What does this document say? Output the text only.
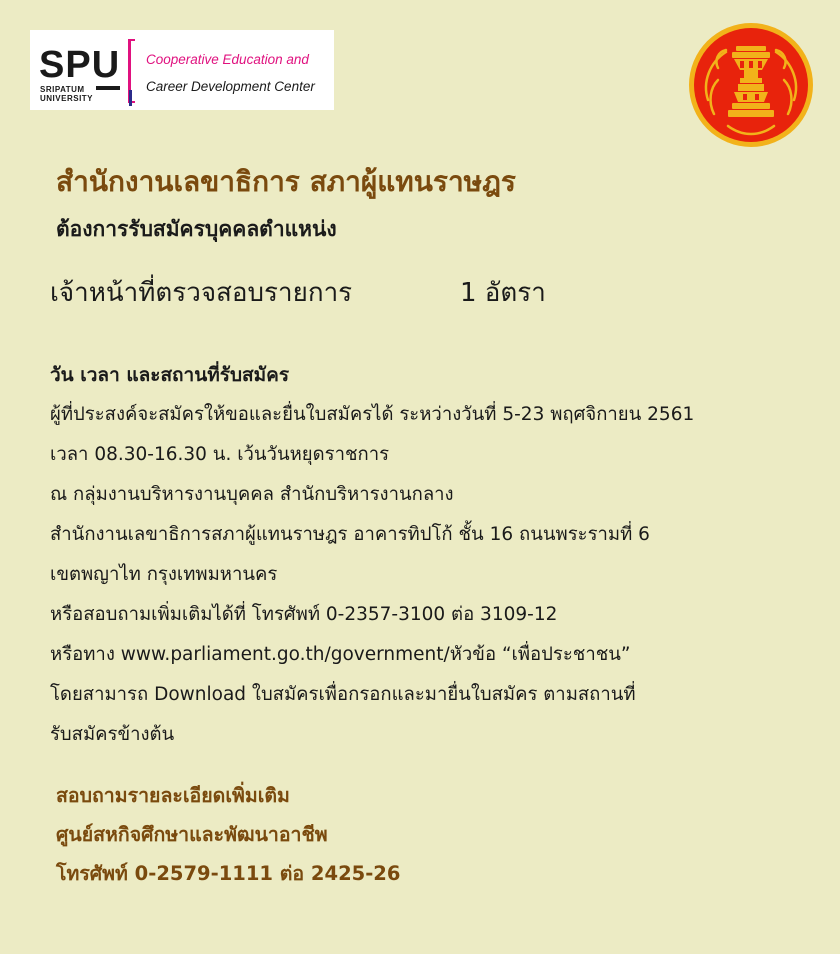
SPU
SRIPATUM
UNIVERSITY
Cooperative Education and
Career Development Center
สำนักงานเลขาธิการ สภาผู้แทนราษฎร
ต้องการรับสมัครบุคคลตำแหน่ง
เจ้าหน้าที่ตรวจสอบรายการ	1 อัตรา
วัน เวลา และสถานที่รับสมัคร
ผู้ที่ประสงค์จะสมัครให้ขอและยื่นใบสมัครได้ ระหว่างวันที่ 5-23 พฤศจิกายน 2561
เวลา 08.30-16.30 น. เว้นวันหยุดราชการ
ณ กลุ่มงานบริหารงานบุคคล สำนักบริหารงานกลาง
สำนักงานเลขาธิการสภาผู้แทนราษฎร อาคารทิปโก้ ชั้น 16 ถนนพระรามที่ 6
เขตพญาไท กรุงเทพมหานคร
หรือสอบถามเพิ่มเติมได้ที่ โทรศัพท์ 0-2357-3100 ต่อ 3109-12
หรือทาง www.parliament.go.th/government/หัวข้อ “เพื่อประชาชน”
โดยสามารถ Download ใบสมัครเพื่อกรอกและมายื่นใบสมัคร ตามสถานที่
รับสมัครข้างต้น
สอบถามรายละเอียดเพิ่มเติม
ศูนย์สหกิจศึกษาและพัฒนาอาชีพ
โทรศัพท์ 0-2579-1111 ต่อ 2425-26
